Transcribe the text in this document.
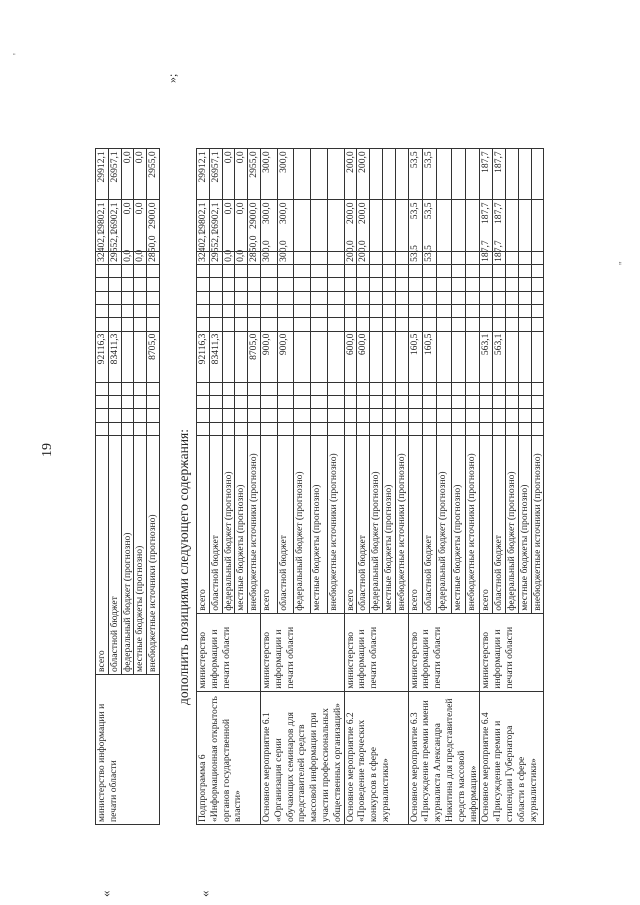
19
«	«
»;
дополнить позициями следующего содержания:
'
''
министерство информации и печати области	всего					92116,3						32402,1	29802,1	29912,1
	областной бюджет					83411,3						29552,1	26902,1	26957,1
	федеральный бюджет (прогнозно)											0,0	0,0	0,0
	местные бюджеты (прогнозно)											0,0	0,0	0,0
	внебюджетные источники (прогнозно)					8705,0						2850,0	2900,0	2955,0
Подпрограмма 6 «Информационная открытость органов государственной власти»	министерство информации и печати области	всего					92116,3						32402,1	29802,1	29912,1
		областной бюджет					83411,3						29552,1	26902,1	26957,1
		федеральный бюджет (прогнозно)											0,0	0,0	0,0
		местные бюджеты (прогнозно)											0,0	0,0	0,0
		внебюджетные источники (прогнозно)					8705,0						2850,0	2900,0	2955,0
Основное мероприятие 6.1 «Организация серии обучающих семинаров для представителей средств массовой информации при участии профессиональных общественных организаций»	министерство информации и печати области	всего					900,0						300,0	300,0	300,0
		областной бюджет					900,0						300,0	300,0	300,0
		федеральный бюджет (прогнозно)													
		местные бюджеты (прогнозно)													
		внебюджетные источники (прогнозно)													
Основное мероприятие 6.2 «Проведение творческих конкурсов в сфере журналистики»	министерство информации и печати области	всего					600,0						200,0	200,0	200,0
		областной бюджет					600,0						200,0	200,0	200,0
		федеральный бюджет (прогнозно)													
		местные бюджеты (прогнозно)													
		внебюджетные источники (прогнозно)													
Основное мероприятие 6.3 «Присуждение премии имени журналиста Александра Никитина для представителей средств массовой информации»	министерство информации и печати области	всего					160,5						53,5	53,5	53,5
		областной бюджет					160,5						53,5	53,5	53,5
		федеральный бюджет (прогнозно)													
		местные бюджеты (прогнозно)													
		внебюджетные источники (прогнозно)													
Основное мероприятие 6.4 «Присуждение премии и стипендии Губернатора области в сфере журналистики»	министерство информации и печати области	всего					563,1						187,7	187,7	187,7
		областной бюджет					563,1						187,7	187,7	187,7
		федеральный бюджет (прогнозно)													
		местные бюджеты (прогнозно)													
		внебюджетные источники (прогнозно)													
